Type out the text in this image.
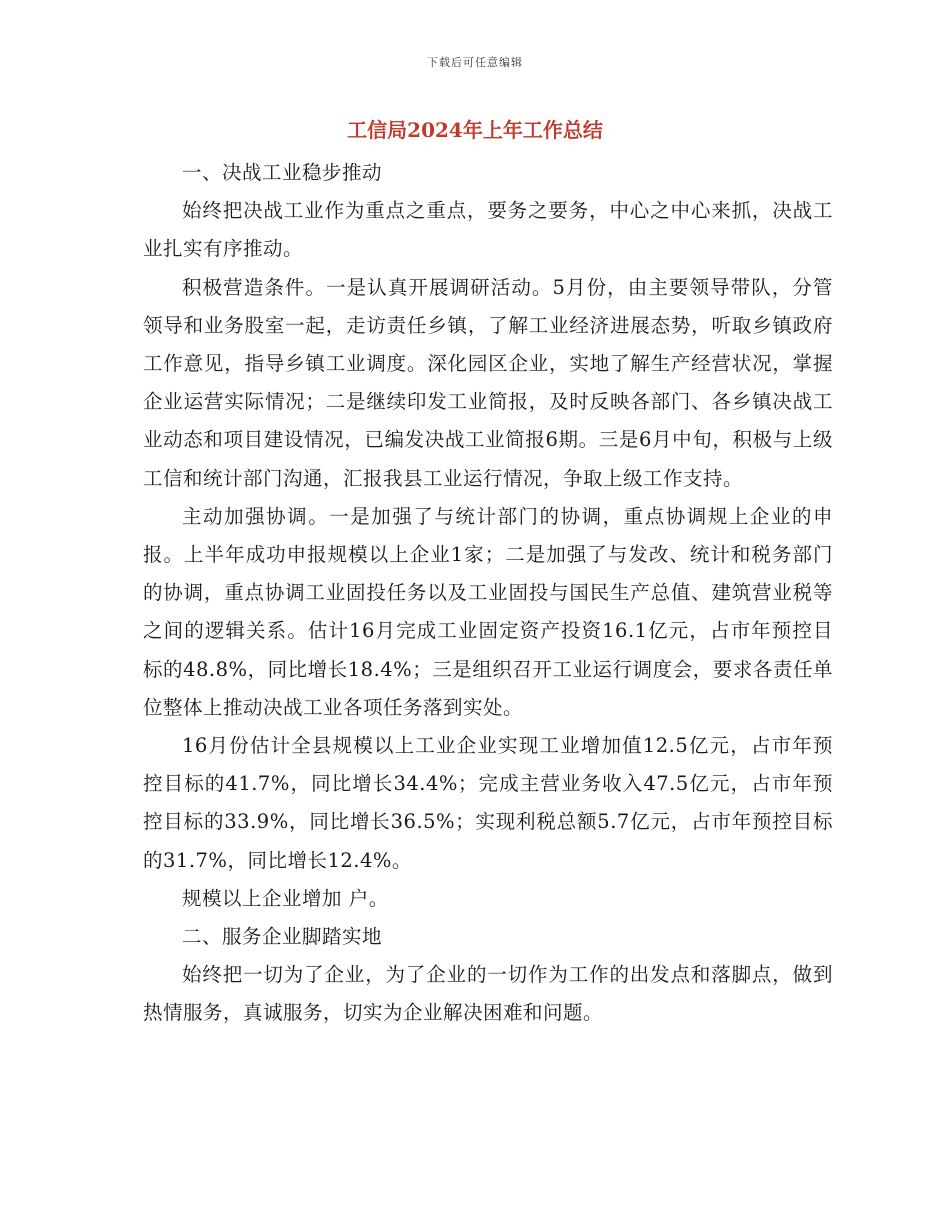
下载后可任意编辑
工信局2024年上年工作总结

一、决战工业稳步推动

始终把决战工业作为重点之重点，要务之要务，中心之中心来抓，决战工业扎实有序推动。

积极营造条件。一是认真开展调研活动。5月份，由主要领导带队，分管领导和业务股室一起，走访责任乡镇，了解工业经济进展态势，听取乡镇政府工作意见，指导乡镇工业调度。深化园区企业，实地了解生产经营状况，掌握企业运营实际情况；二是继续印发工业简报，及时反映各部门、各乡镇决战工业动态和项目建设情况，已编发决战工业简报6期。三是6月中旬，积极与上级工信和统计部门沟通，汇报我县工业运行情况，争取上级工作支持。

主动加强协调。一是加强了与统计部门的协调，重点协调规上企业的申报。上半年成功申报规模以上企业1家；二是加强了与发改、统计和税务部门的协调，重点协调工业固投任务以及工业固投与国民生产总值、建筑营业税等之间的逻辑关系。估计16月完成工业固定资产投资16.1亿元，占市年预控目标的48.8%，同比增长18.4%；三是组织召开工业运行调度会，要求各责任单位整体上推动决战工业各项任务落到实处。

16月份估计全县规模以上工业企业实现工业增加值12.5亿元，占市年预控目标的41.7%，同比增长34.4%；完成主营业务收入47.5亿元，占市年预控目标的33.9%，同比增长36.5%；实现利税总额5.7亿元，占市年预控目标的31.7%，同比增长12.4%。

规模以上企业增加 户。

二、服务企业脚踏实地

始终把一切为了企业，为了企业的一切作为工作的出发点和落脚点，做到热情服务，真诚服务，切实为企业解决困难和问题。
